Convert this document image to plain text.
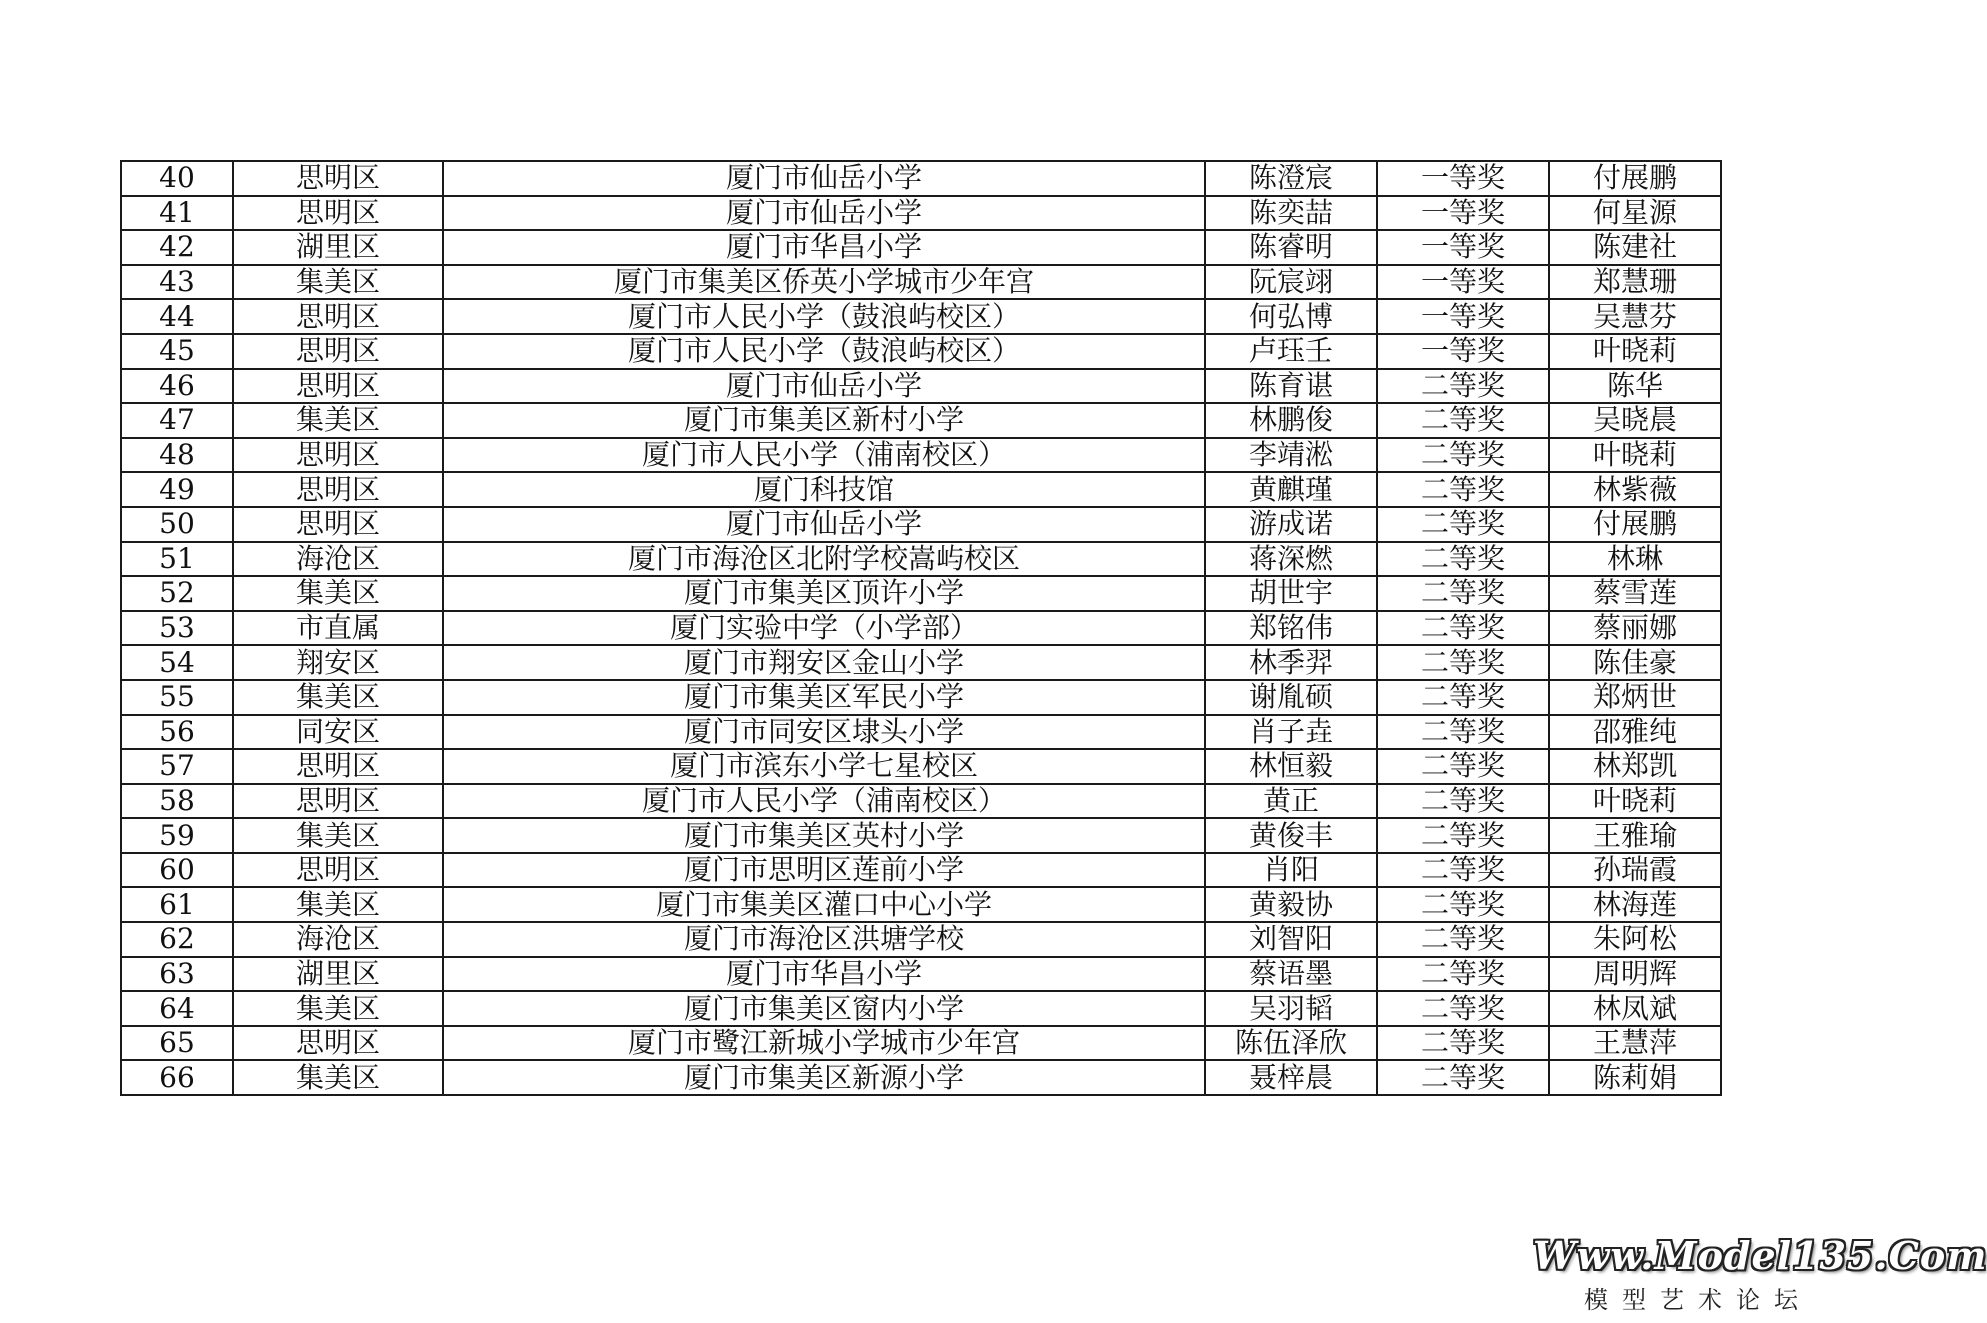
40	思明区	厦门市仙岳小学	陈澄宸	一等奖	付展鹏
41	思明区	厦门市仙岳小学	陈奕喆	一等奖	何星源
42	湖里区	厦门市华昌小学	陈睿明	一等奖	陈建社
43	集美区	厦门市集美区侨英小学城市少年宫	阮宸翊	一等奖	郑慧珊
44	思明区	厦门市人民小学（鼓浪屿校区）	何弘博	一等奖	吴慧芬
45	思明区	厦门市人民小学（鼓浪屿校区）	卢珏壬	一等奖	叶晓莉
46	思明区	厦门市仙岳小学	陈育谌	二等奖	陈华
47	集美区	厦门市集美区新村小学	林鹏俊	二等奖	吴晓晨
48	思明区	厦门市人民小学（浦南校区）	李靖淞	二等奖	叶晓莉
49	思明区	厦门科技馆	黄麒瑾	二等奖	林紫薇
50	思明区	厦门市仙岳小学	游成诺	二等奖	付展鹏
51	海沧区	厦门市海沧区北附学校嵩屿校区	蒋深燃	二等奖	林琳
52	集美区	厦门市集美区顶许小学	胡世宇	二等奖	蔡雪莲
53	市直属	厦门实验中学（小学部）	郑铭伟	二等奖	蔡丽娜
54	翔安区	厦门市翔安区金山小学	林季羿	二等奖	陈佳豪
55	集美区	厦门市集美区军民小学	谢胤硕	二等奖	郑炳世
56	同安区	厦门市同安区埭头小学	肖子垚	二等奖	邵雅纯
57	思明区	厦门市滨东小学七星校区	林恒毅	二等奖	林郑凯
58	思明区	厦门市人民小学（浦南校区）	黄正	二等奖	叶晓莉
59	集美区	厦门市集美区英村小学	黄俊丰	二等奖	王雅瑜
60	思明区	厦门市思明区莲前小学	肖阳	二等奖	孙瑞霞
61	集美区	厦门市集美区灌口中心小学	黄毅协	二等奖	林海莲
62	海沧区	厦门市海沧区洪塘学校	刘智阳	二等奖	朱阿松
63	湖里区	厦门市华昌小学	蔡语墨	二等奖	周明辉
64	集美区	厦门市集美区窗内小学	吴羽韬	二等奖	林凤斌
65	思明区	厦门市鹭江新城小学城市少年宫	陈伍泽欣	二等奖	王慧萍
66	集美区	厦门市集美区新源小学	聂梓晨	二等奖	陈莉娟
Www.Model135.Com
模型艺术论坛
